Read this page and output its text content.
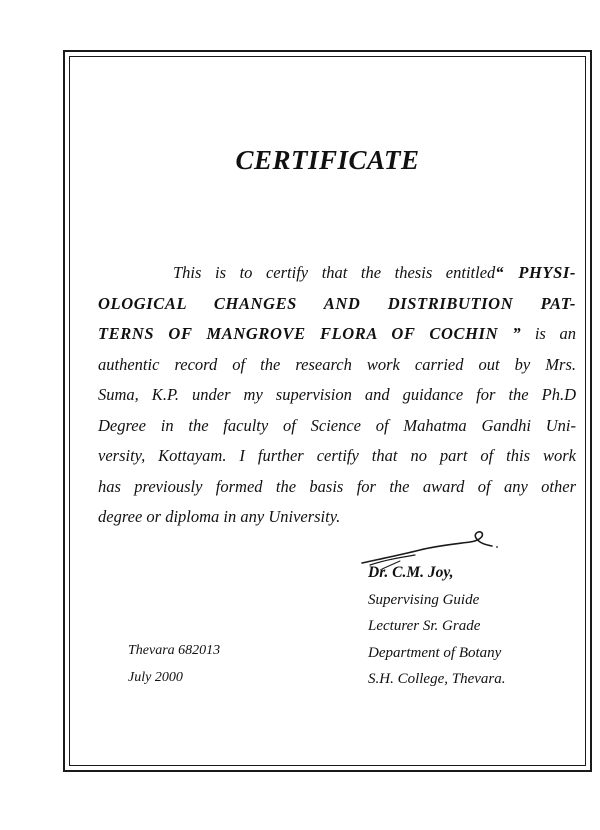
CERTIFICATE
This is to certify that the thesis entitled“ PHYSI-
OLOGICAL CHANGES AND DISTRIBUTION PAT-
TERNS OF MANGROVE FLORA OF COCHIN ” is an
authentic record of the research work carried out by Mrs.
Suma, K.P. under my supervision and guidance for the Ph.D
Degree in the faculty of Science of Mahatma Gandhi Uni-
versity, Kottayam. I further certify that no part of this work
has previously formed the basis for the award of any other
degree or diploma in any University.
Dr. C.M. Joy,
Supervising Guide
Lecturer Sr. Grade
Department of Botany
S.H. College, Thevara.
Thevara 682013
July 2000
